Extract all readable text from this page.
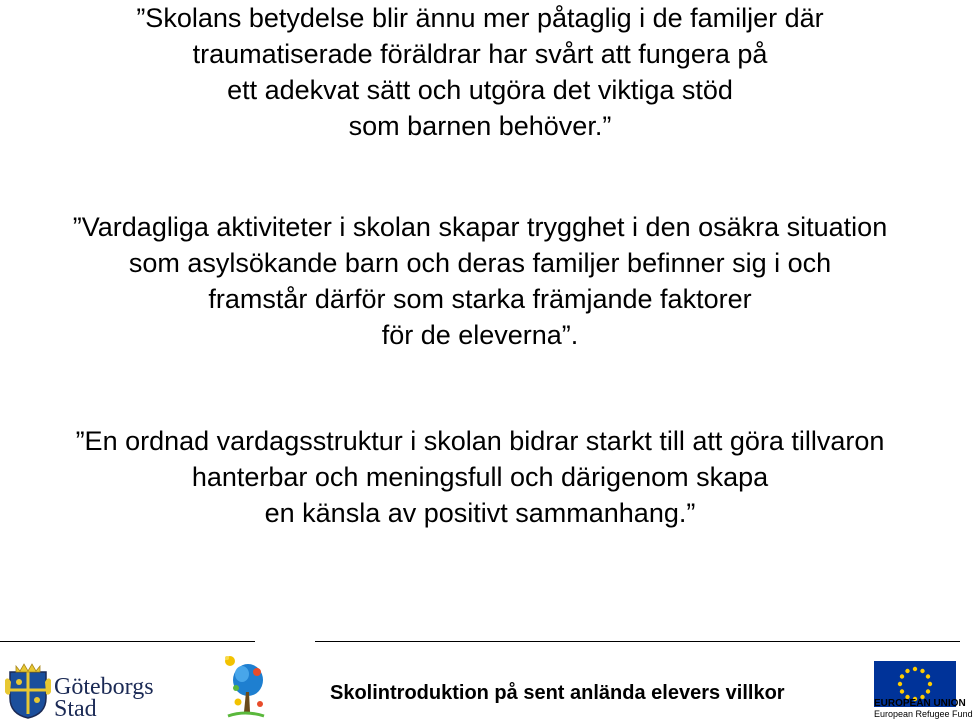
”Skolans betydelse blir ännu mer påtaglig i de familjer där
traumatiserade föräldrar har svårt att fungera på
ett adekvat sätt och utgöra det viktiga stöd
som barnen behöver.”

”Vardagliga aktiviteter i skolan skapar trygghet i den osäkra situation
som asylsökande barn och deras familjer befinner sig i och
framstår därför som starka främjande faktorer
för de eleverna”.

”En ordnad vardagsstruktur i skolan bidrar starkt till att göra tillvaron
hanterbar och meningsfull och därigenom skapa
en känsla av positivt sammanhang.”

Göteborgs
Stad
Skolintroduktion på sent anlända elevers villkor	EUROPEAN UNION
European Refugee Fund
